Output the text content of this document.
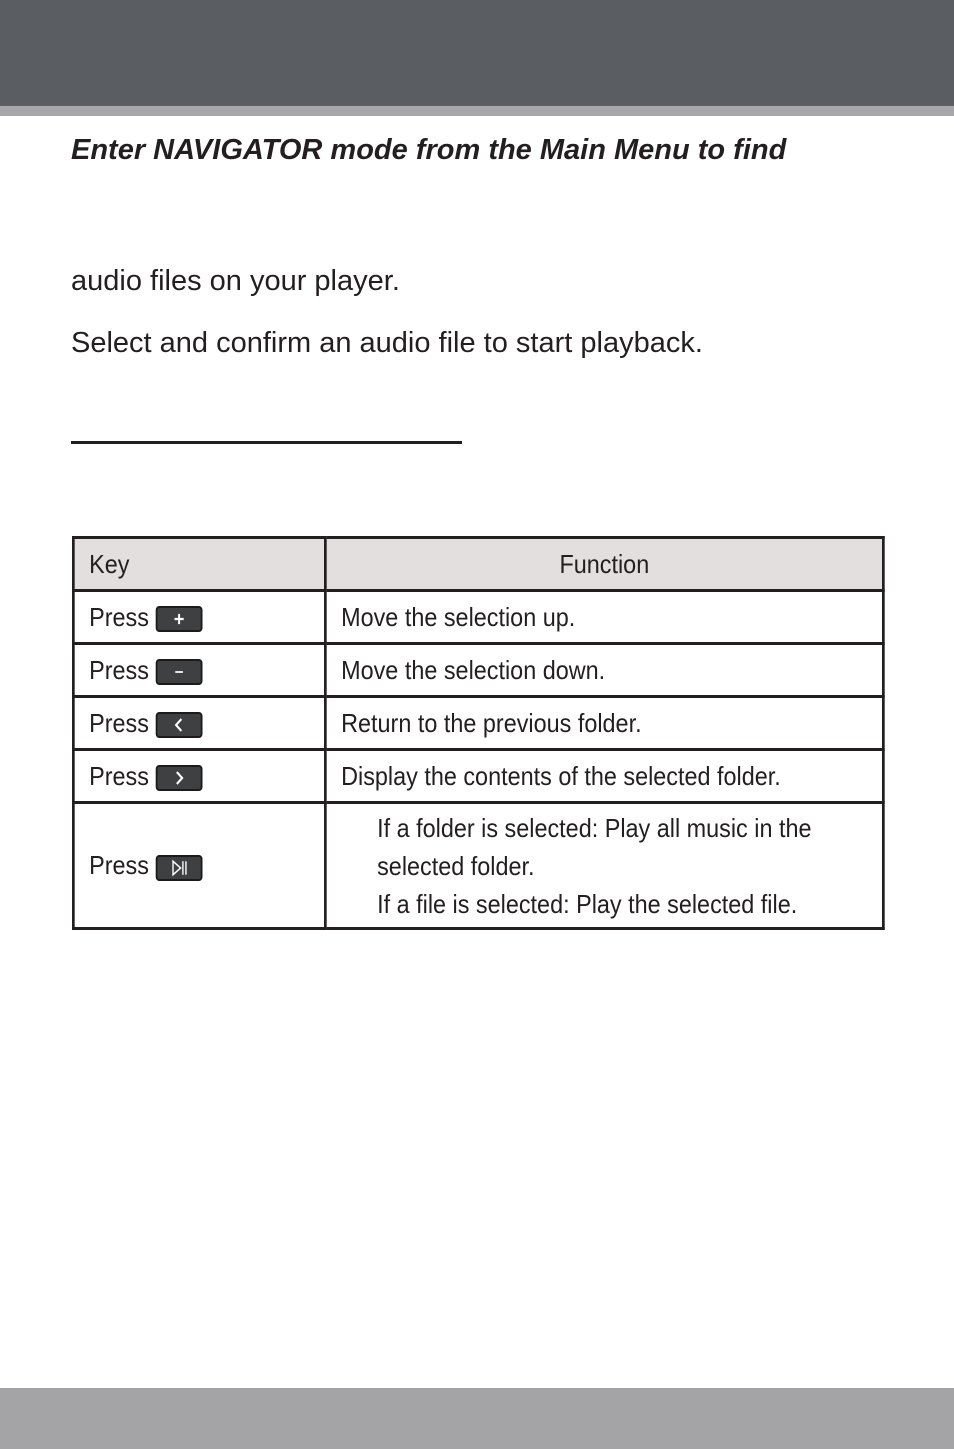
Enter NAVIGATOR mode from the Main Menu to find

audio files on your player.

Select and confirm an audio file to start playback.

Key	Function

Press	Move the selection up.

Press	Move the selection down.

Press	Return to the previous folder.

Press	Display the contents of the selected folder.

Press	If a folder is selected: Play all music in the
selected folder.
If a file is selected: Play the selected file.
